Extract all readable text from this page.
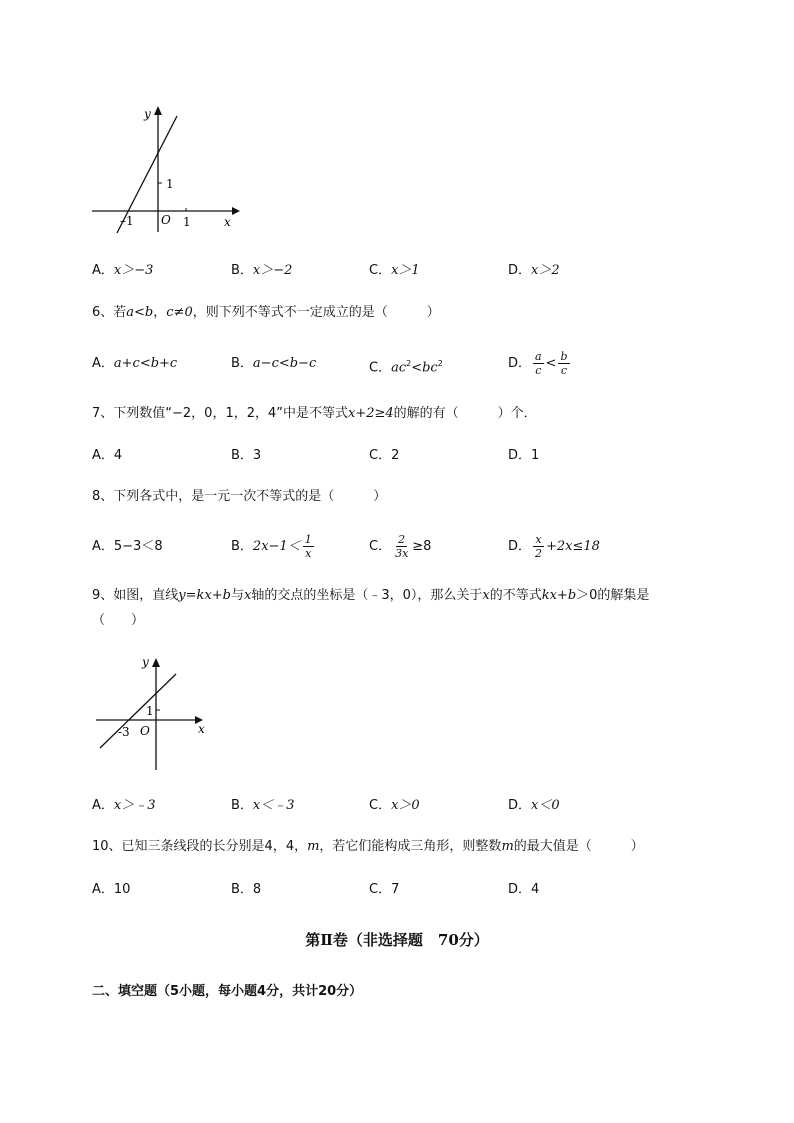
y
x
O
1
–1	1
A．x＞−3	B．x＞−2	C．x＞1	D．x＞2
6、若a<b，c≠0，则下列不等式不一定成立的是（　　　）
A．a+c<b+c	B．a−c<b−c	C．$ac^2<bc^2$	D． $\frac{a}{c} < \frac{b}{c}$
7、下列数值“−2，0，1，2，4”中是不等式x+2≥4的解的有（　　　）个．
A．4	B．3	C．2	D．1
8、下列各式中，是一元一次不等式的是（　　　）
A．5−3＜8	B．$2x-1< \frac{1}{x}$	C． $\frac{2}{3x} \ge 8$	D． $\frac{x}{2} +2x\le 18$
9、如图，直线y=kx+b与x轴的交点的坐标是（﹣3，0），那么关于x的不等式kx+b＞0的解集是
（　　）
y
x
O
1
-3
A．x＞﹣3	B．x＜﹣3	C．x＞0	D．x＜0
10、已知三条线段的长分别是4，4，m，若它们能构成三角形，则整数m的最大值是（　　　）
A．10	B．8	C．7	D．4
第Ⅱ卷（非选择题　70分）
二、填空题（5小题，每小题4分，共计20分）
